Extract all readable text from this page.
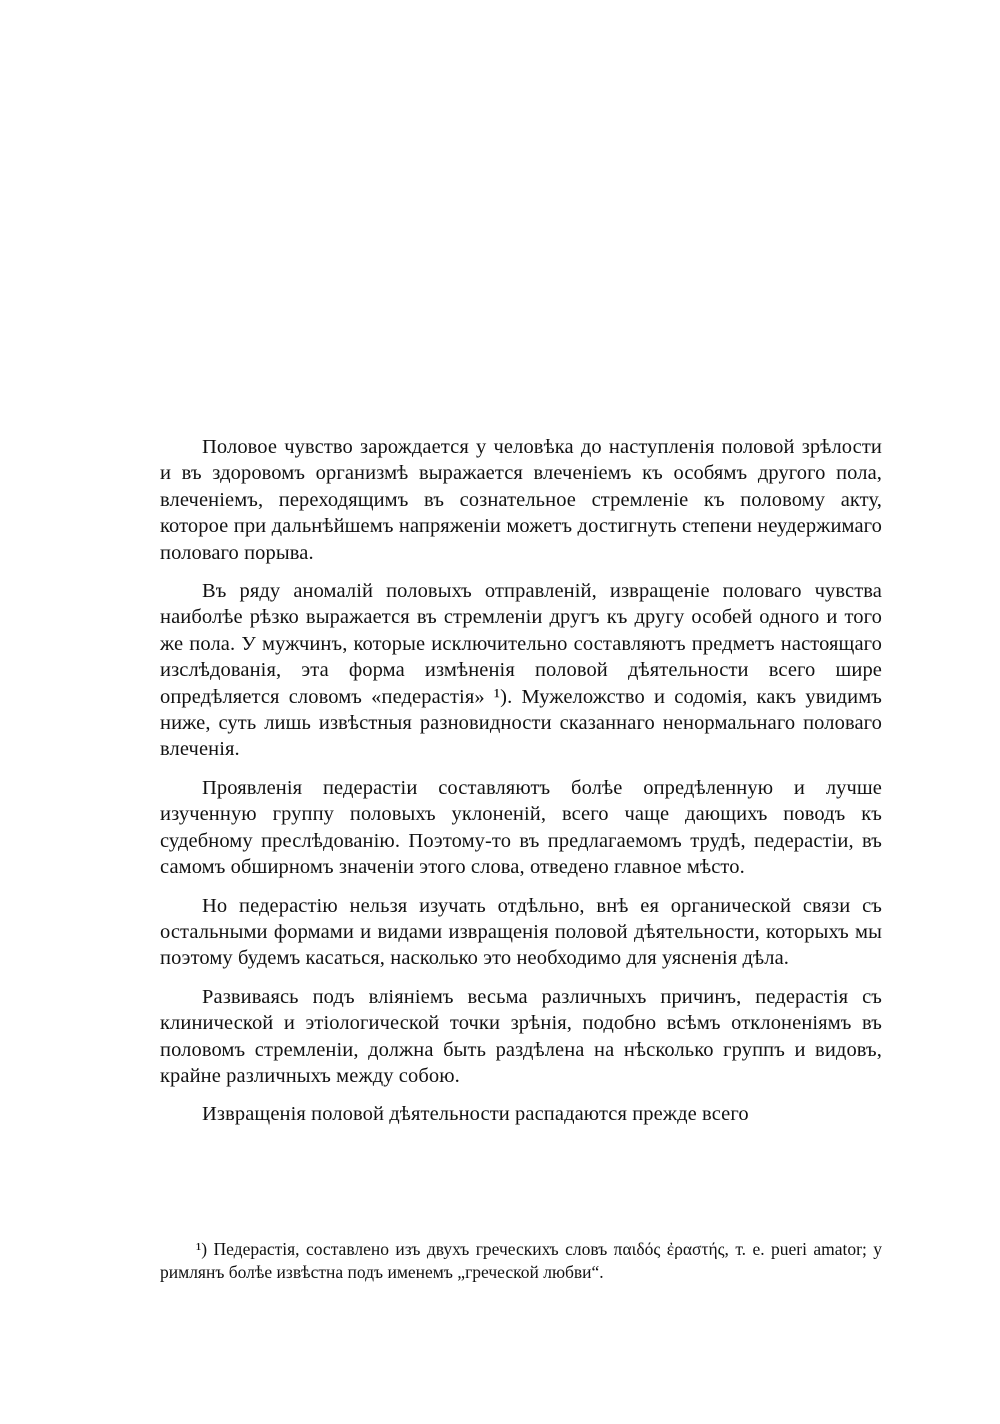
Половое чувство зарождается у человѣка до наступленія половой зрѣлости и въ здоровомъ организмѣ выражается влеченіемъ къ особямъ другого пола, влеченіемъ, переходящимъ въ сознательное стремленіе къ половому акту, которое при дальнѣйшемъ напряженіи можетъ достигнуть степени неудержимаго половаго порыва.

Въ ряду аномалій половыхъ отправленій, извращеніе половаго чувства наиболѣе рѣзко выражается въ стремленіи другъ къ другу особей одного и того же пола. У мужчинъ, которые исключительно составляютъ предметъ настоящаго изслѣдованія, эта форма измѣненія половой дѣятельности всего шире опредѣляется словомъ «педерастія» ¹). Мужеложство и содомія, какъ увидимъ ниже, суть лишь извѣстныя разновидности сказаннаго ненормальнаго половаго влеченія.

Проявленія педерастіи составляютъ болѣе опредѣленную и лучше изученную группу половыхъ уклоненій, всего чаще дающихъ поводъ къ судебному преслѣдованію. Поэтому-то въ предлагаемомъ трудѣ, педерастіи, въ самомъ обширномъ значеніи этого слова, отведено главное мѣсто.

Но педерастію нельзя изучать отдѣльно, внѣ ея органической связи съ остальными формами и видами извращенія половой дѣятельности, которыхъ мы поэтому будемъ касаться, насколько это необходимо для уясненія дѣла.

Развиваясь подъ вліяніемъ весьма различныхъ причинъ, педерастія съ клинической и этіологической точки зрѣнія, подобно всѣмъ отклоненіямъ въ половомъ стремленіи, должна быть раздѣлена на нѣсколько группъ и видовъ, крайне различныхъ между собою.

Извращенія половой дѣятельности распадаются прежде всего

¹) Педерастія, составлено изъ двухъ греческихъ словъ παιδός ἐραστής, т. е. pueri amator; у римлянъ болѣе извѣстна подъ именемъ „греческой любви“.
